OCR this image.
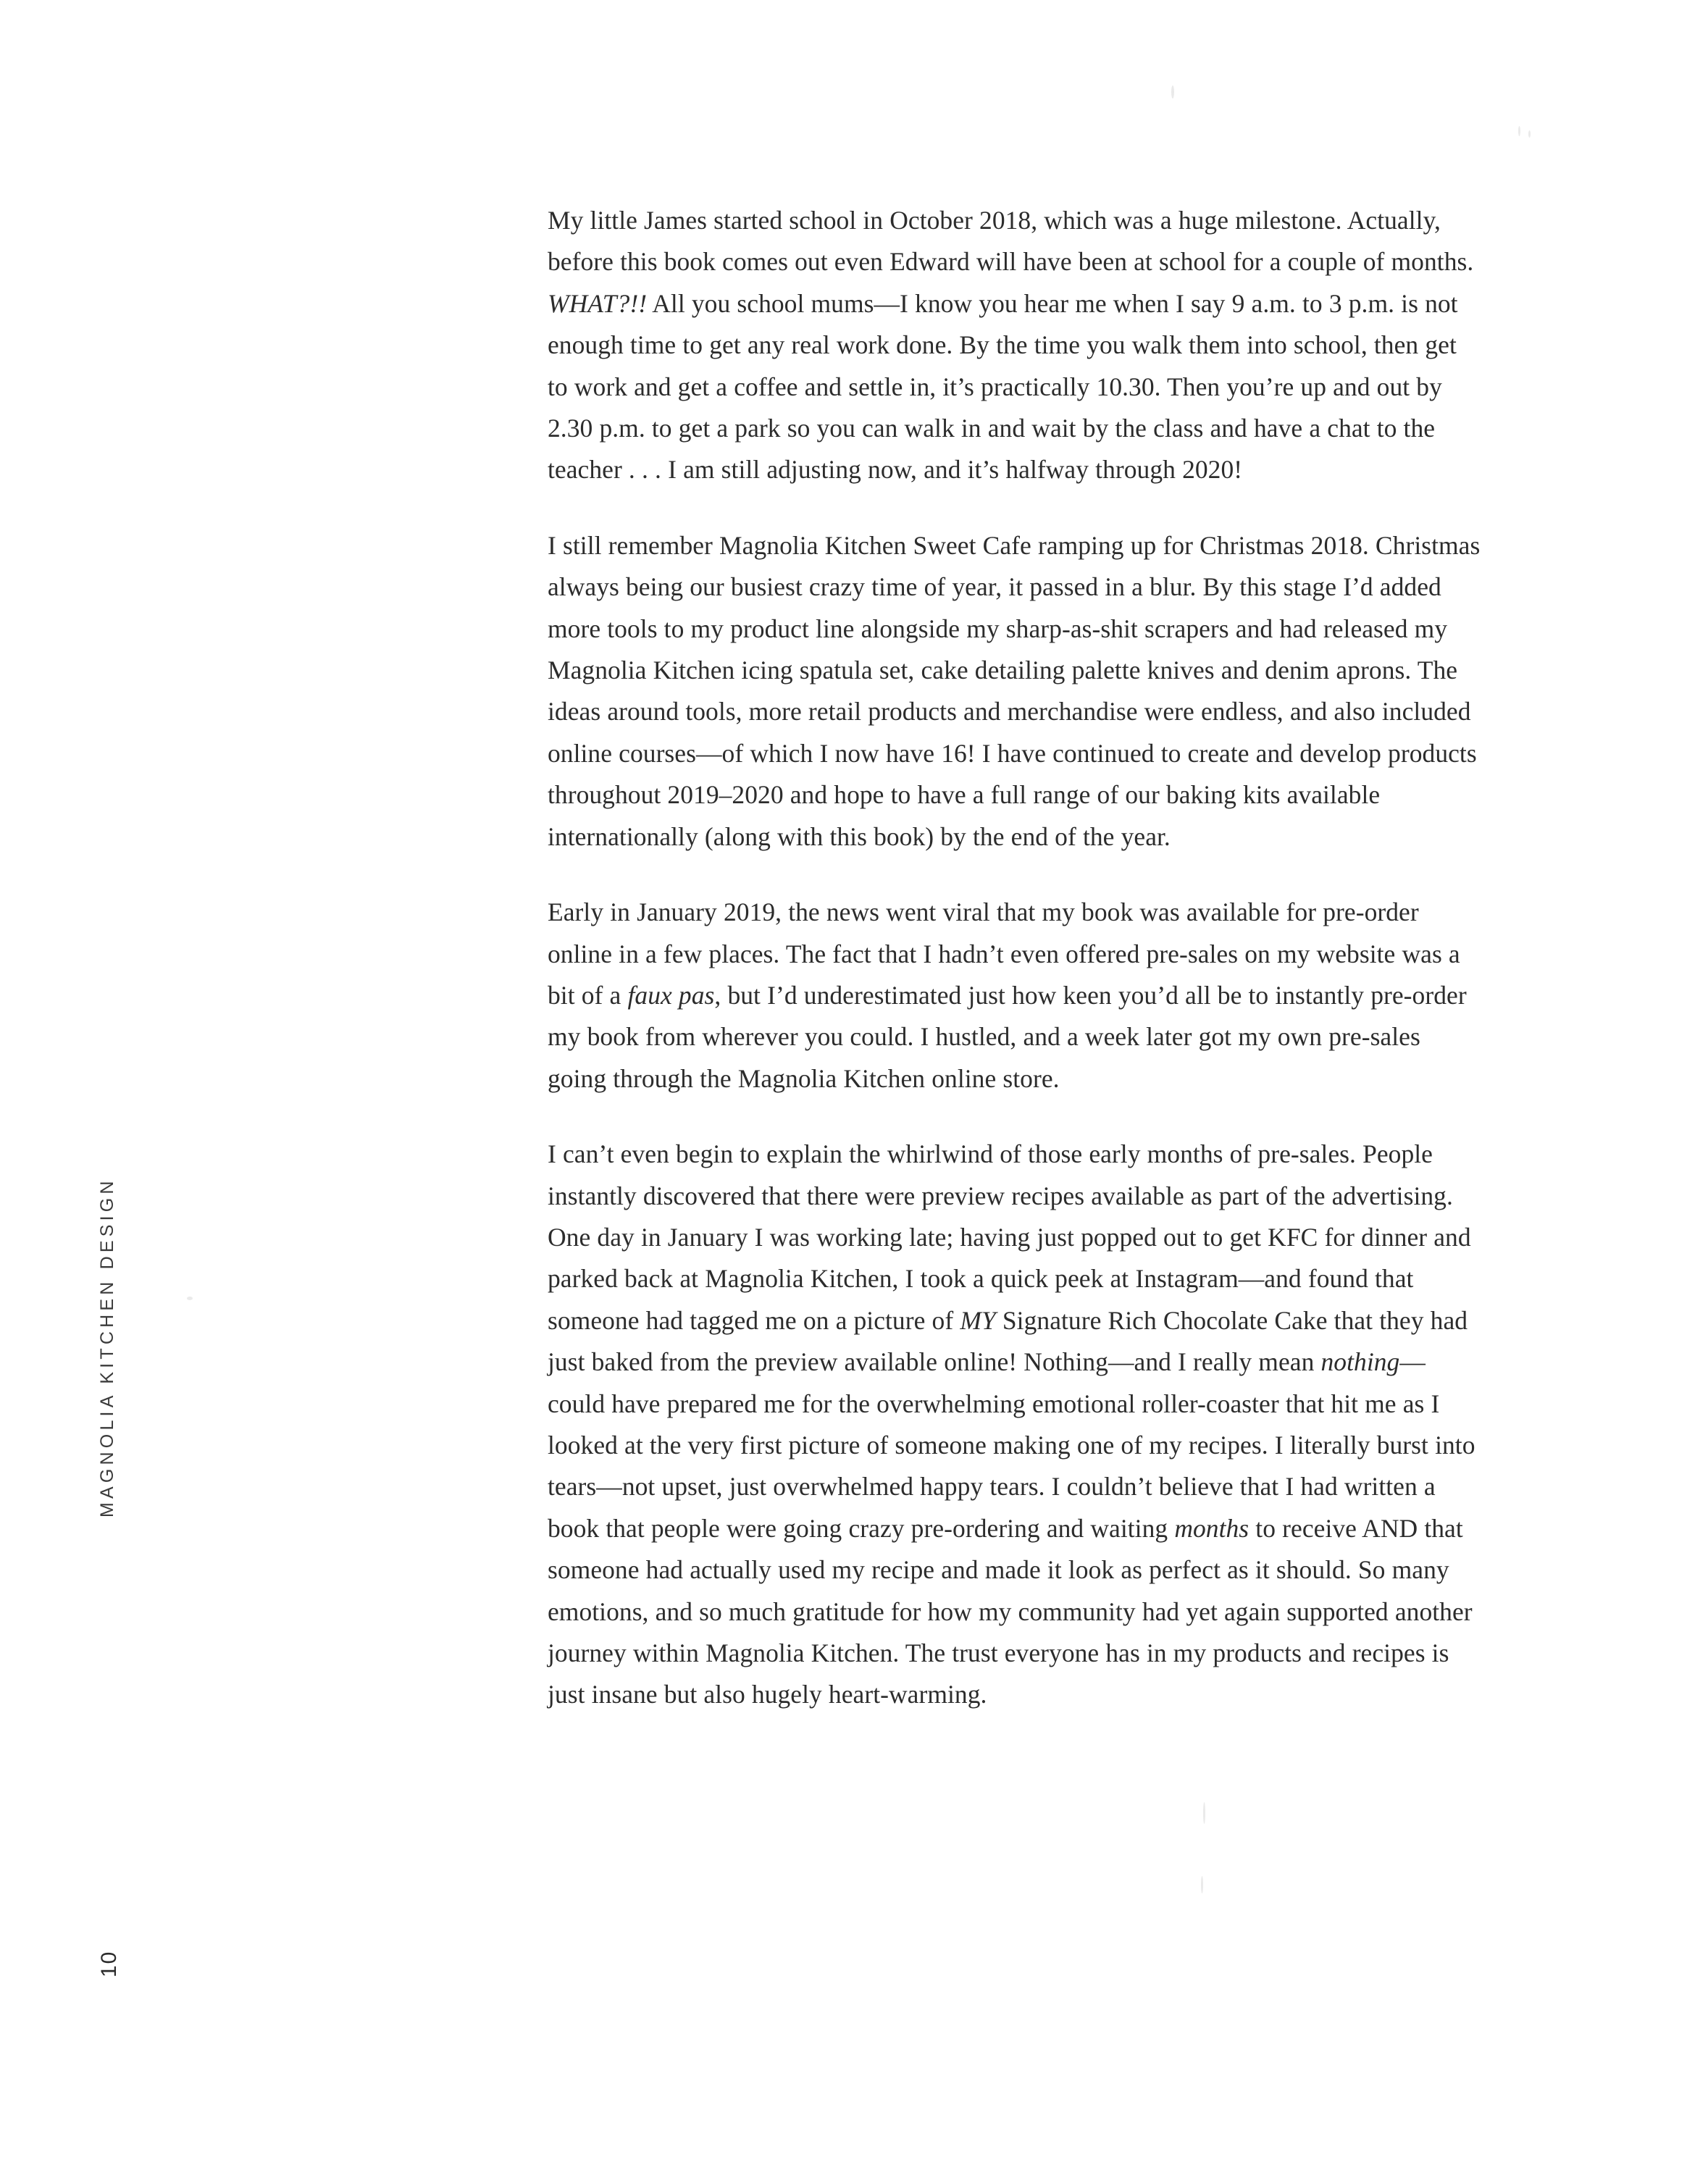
MAGNOLIA KITCHEN DESIGN
10

My little James started school in October 2018, which was a huge milestone. Actually, before this book comes out even Edward will have been at school for a couple of months. WHAT?!! All you school mums—I know you hear me when I say 9 a.m. to 3 p.m. is not enough time to get any real work done. By the time you walk them into school, then get to work and get a coffee and settle in, it’s practically 10.30. Then you’re up and out by 2.30 p.m. to get a park so you can walk in and wait by the class and have a chat to the teacher . . . I am still adjusting now, and it’s halfway through 2020!

I still remember Magnolia Kitchen Sweet Cafe ramping up for Christmas 2018. Christmas always being our busiest crazy time of year, it passed in a blur. By this stage I’d added more tools to my product line alongside my sharp-as-shit scrapers and had released my Magnolia Kitchen icing spatula set, cake detailing palette knives and denim aprons. The ideas around tools, more retail products and merchandise were endless, and also included online courses—of which I now have 16! I have continued to create and develop products throughout 2019–2020 and hope to have a full range of our baking kits available internationally (along with this book) by the end of the year.

Early in January 2019, the news went viral that my book was available for pre-order online in a few places. The fact that I hadn’t even offered pre-sales on my website was a bit of a faux pas, but I’d underestimated just how keen you’d all be to instantly pre-order my book from wherever you could. I hustled, and a week later got my own pre-sales going through the Magnolia Kitchen online store.

I can’t even begin to explain the whirlwind of those early months of pre-sales. People instantly discovered that there were preview recipes available as part of the advertising. One day in January I was working late; having just popped out to get KFC for dinner and parked back at Magnolia Kitchen, I took a quick peek at Instagram—and found that someone had tagged me on a picture of MY Signature Rich Chocolate Cake that they had just baked from the preview available online! Nothing—and I really mean nothing—could have prepared me for the overwhelming emotional roller-coaster that hit me as I looked at the very first picture of someone making one of my recipes. I literally burst into tears—not upset, just overwhelmed happy tears. I couldn’t believe that I had written a book that people were going crazy pre-ordering and waiting months to receive AND that someone had actually used my recipe and made it look as perfect as it should. So many emotions, and so much gratitude for how my community had yet again supported another journey within Magnolia Kitchen. The trust everyone has in my products and recipes is just insane but also hugely heart-warming.
